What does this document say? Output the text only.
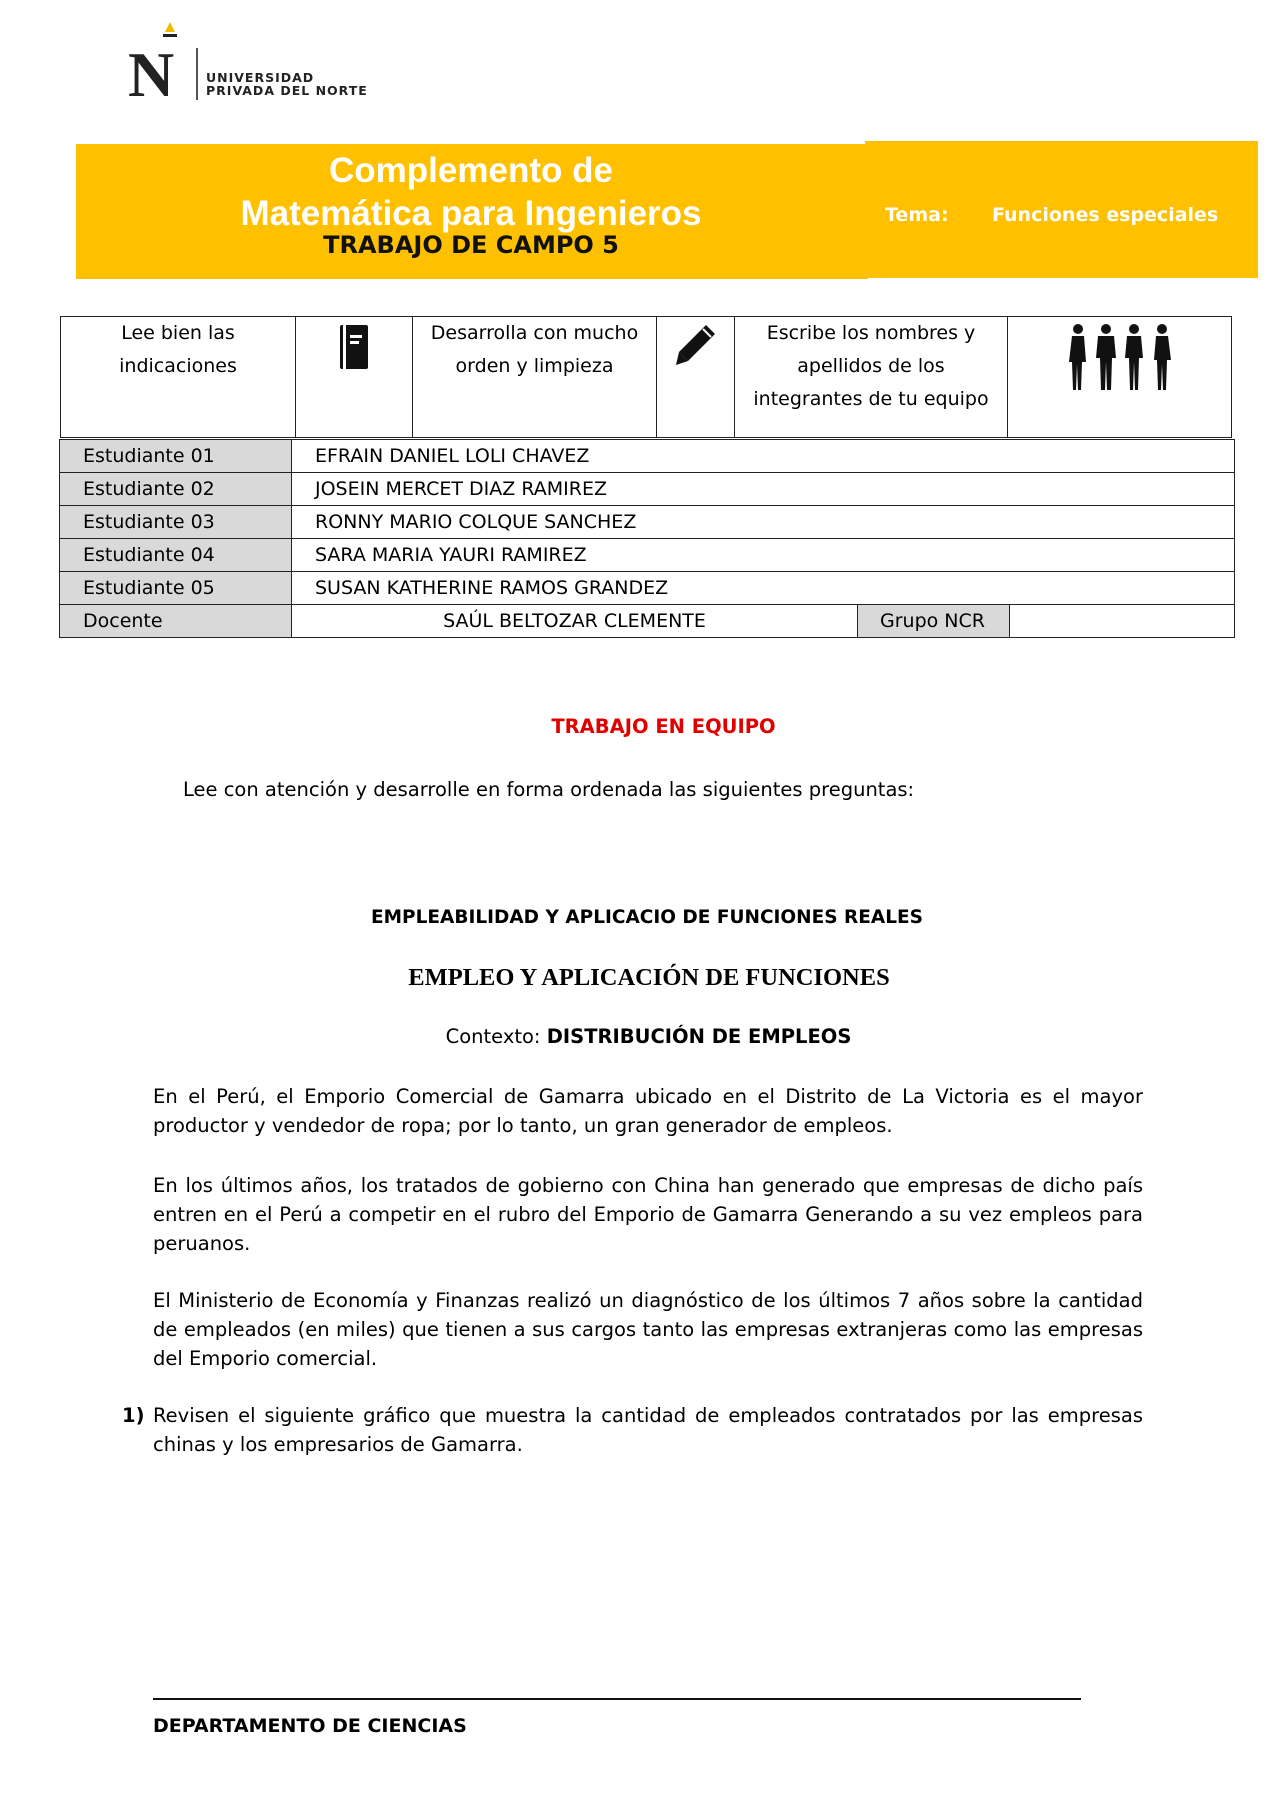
N	UNIVERSIDAD
PRIVADA DEL NORTE
Complemento de
Matemática para Ingenieros
TRABAJO DE CAMPO 5
Tema: Funciones especiales
Lee bien las
indicaciones
Desarrolla con mucho
orden y limpieza
Escribe los nombres y
apellidos de los
integrantes de tu equipo
Estudiante 01	EFRAIN DANIEL LOLI CHAVEZ		
Estudiante 02	JOSEIN MERCET DIAZ RAMIREZ		
Estudiante 03	RONNY MARIO COLQUE SANCHEZ		
Estudiante 04	SARA MARIA YAURI RAMIREZ		
Estudiante 05	SUSAN KATHERINE RAMOS GRANDEZ		
Docente	SAÚL BELTOZAR CLEMENTE	Grupo NCR	
TRABAJO EN EQUIPO
Lee con atención y desarrolle en forma ordenada las siguientes preguntas:
EMPLEABILIDAD Y APLICACIO DE FUNCIONES REALES
EMPLEO Y APLICACIÓN DE FUNCIONES
Contexto: DISTRIBUCIÓN DE EMPLEOS
En el Perú, el Emporio Comercial de Gamarra ubicado en el Distrito de La Victoria es el mayor productor y vendedor de ropa; por lo tanto, un gran generador de empleos.
En los últimos años, los tratados de gobierno con China han generado que empresas de dicho país entren en el Perú a competir en el rubro del Emporio de Gamarra Generando a su vez empleos para peruanos.
El Ministerio de Economía y Finanzas realizó un diagnóstico de los últimos 7 años sobre la cantidad de empleados (en miles) que tienen a sus cargos tanto las empresas extranjeras como las empresas del Emporio comercial.
1) Revisen el siguiente gráfico que muestra la cantidad de empleados contratados por las empresas chinas y los empresarios de Gamarra.
DEPARTAMENTO DE CIENCIAS
